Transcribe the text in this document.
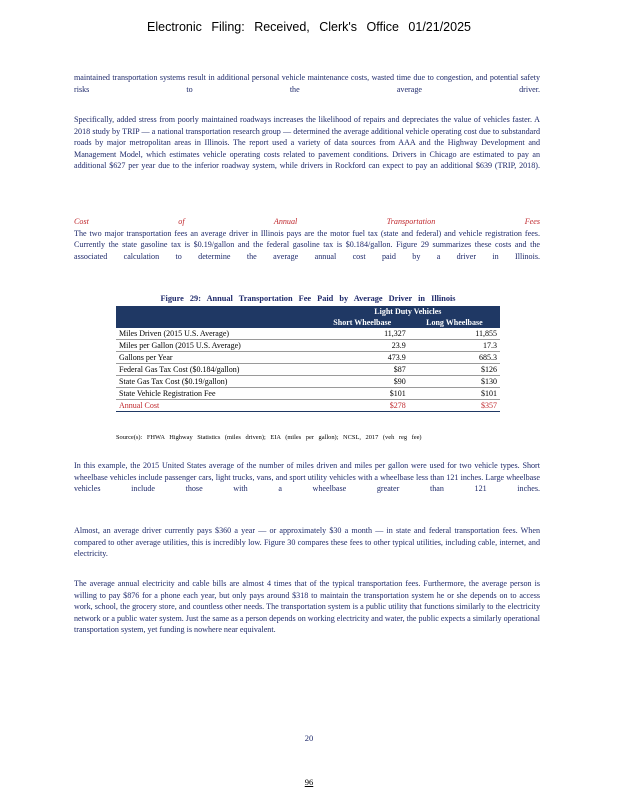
Electronic Filing: Received, Clerk's Office 01/21/2025

maintained transportation systems result in additional personal vehicle maintenance costs, wasted time due to congestion, and potential safety risks to the average driver.

Specifically, added stress from poorly maintained roadways increases the likelihood of repairs and depreciates the value of vehicles faster. A 2018 study by TRIP — a national transportation research group — determined the average additional vehicle operating cost due to substandard roads by major metropolitan areas in Illinois. The report used a variety of data sources from AAA and the Highway Development and Management Model, which estimates vehicle operating costs related to pavement conditions. Drivers in Chicago are estimated to pay an additional $627 per year due to the inferior roadway system, while drivers in Rockford can expect to pay an additional $639 (TRIP, 2018).

Cost of Annual Transportation Fees
The two major transportation fees an average driver in Illinois pays are the motor fuel tax (state and federal) and vehicle registration fees. Currently the state gasoline tax is $0.19/gallon and the federal gasoline tax is $0.184/gallon. Figure 29 summarizes these costs and the associated calculation to determine the average annual cost paid by a driver in Illinois.
Figure 29: Annual Transportation Fee Paid by Average Driver in Illinois
	Light Duty Vehicles	
	Short Wheelbase	Long Wheelbase
Miles Driven (2015 U.S. Average)	11,327	11,855
Miles per Gallon (2015 U.S. Average)	23.9	17.3
Gallons per Year	473.9	685.3
Federal Gas Tax Cost ($0.184/gallon)	$87	$126
State Gas Tax Cost ($0.19/gallon)	$90	$130
State Vehicle Registration Fee	$101	$101
Annual Cost	$278	$357
Source(s): FHWA Highway Statistics (miles driven); EIA (miles per gallon); NCSL, 2017 (veh reg fee)

In this example, the 2015 United States average of the number of miles driven and miles per gallon were used for two vehicle types. Short wheelbase vehicles include passenger cars, light trucks, vans, and sport utility vehicles with a wheelbase less than 121 inches. Large wheelbase vehicles include those with a wheelbase greater than 121 inches.

Almost, an average driver currently pays $360 a year — or approximately $30 a month — in state and federal transportation fees. When compared to other average utilities, this is incredibly low. Figure 30 compares these fees to other typical utilities, including cable, internet, and electricity.

The average annual electricity and cable bills are almost 4 times that of the typical transportation fees. Furthermore, the average person is willing to pay $876 for a phone each year, but only pays around $318 to maintain the transportation system he or she depends on to access work, school, the grocery store, and countless other needs. The transportation system is a public utility that functions similarly to the electricity network or a public water system. Just the same as a person depends on working electricity and water, the public expects a similarly operational transportation system, yet funding is nowhere near equivalent.

20
96
